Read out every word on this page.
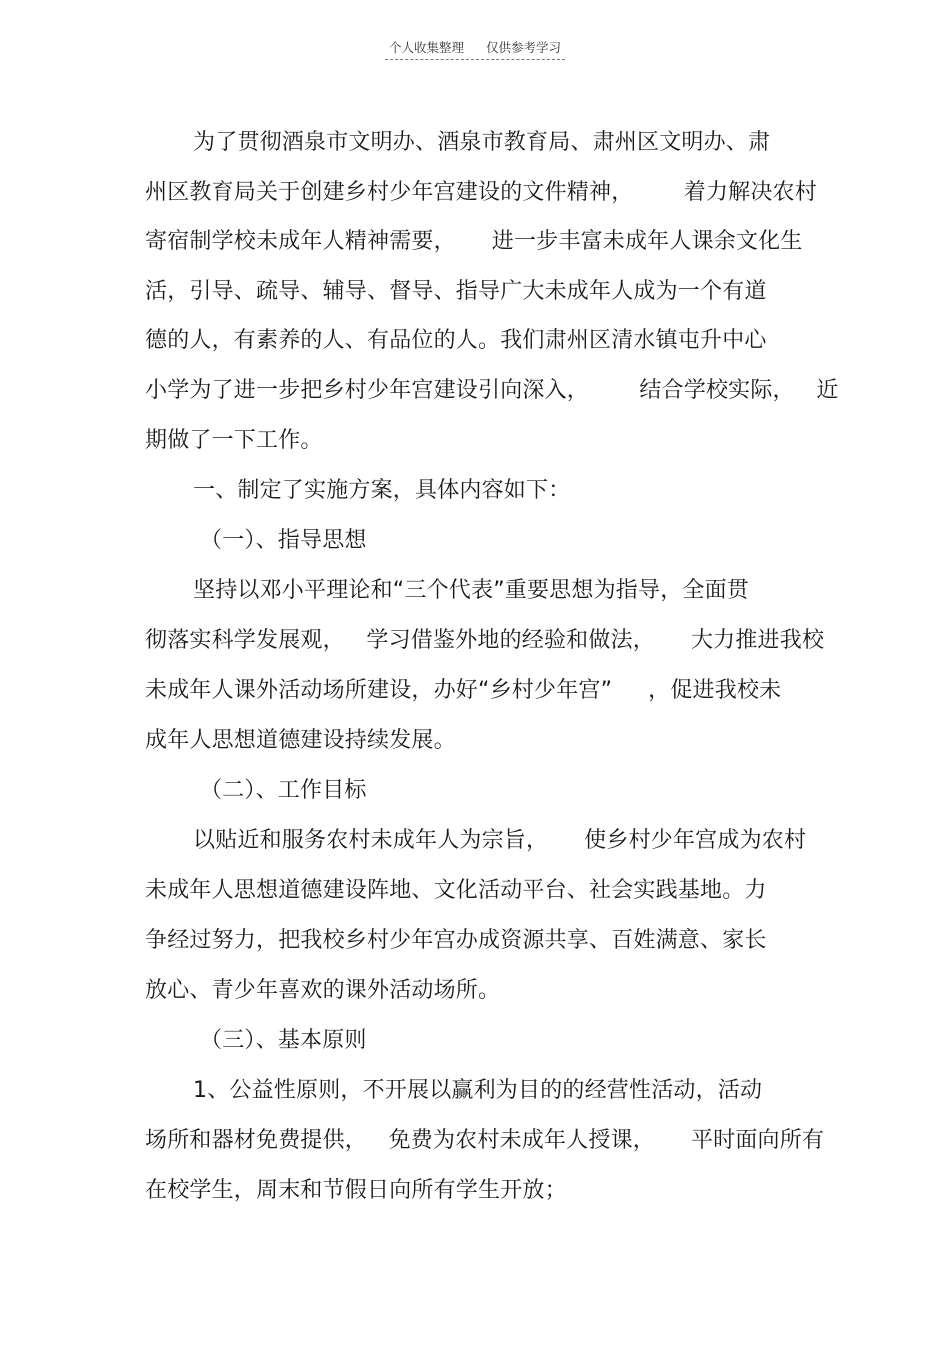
个人收集整理 仅供参考学习
为了贯彻酒泉市文明办、酒泉市教育局、肃州区文明办、肃
州区教育局关于创建乡村少年宫建设的文件精神，       着力解决农村
寄宿制学校未成年人精神需要，     进一步丰富未成年人课余文化生
活，引导、疏导、辅导、督导、指导广大未成年人成为一个有道
德的人，有素养的人、有品位的人。我们肃州区清水镇屯升中心
小学为了进一步把乡村少年宫建设引向深入，       结合学校实际，   近
期做了一下工作。
一、制定了实施方案，具体内容如下：
（一）、指导思想
坚持以邓小平理论和“三个代表”重要思想为指导，全面贯
彻落实科学发展观，   学习借鉴外地的经验和做法，     大力推进我校
未成年人课外活动场所建设，办好“乡村少年宫”     ，促进我校未
成年人思想道德建设持续发展。
（二）、工作目标
以贴近和服务农村未成年人为宗旨，     使乡村少年宫成为农村
未成年人思想道德建设阵地、文化活动平台、社会实践基地。力
争经过努力，把我校乡村少年宫办成资源共享、百姓满意、家长
放心、青少年喜欢的课外活动场所。
（三）、基本原则
1、公益性原则，不开展以赢利为目的的经营性活动，活动
场所和器材免费提供，   免费为农村未成年人授课，     平时面向所有
在校学生，周末和节假日向所有学生开放；
